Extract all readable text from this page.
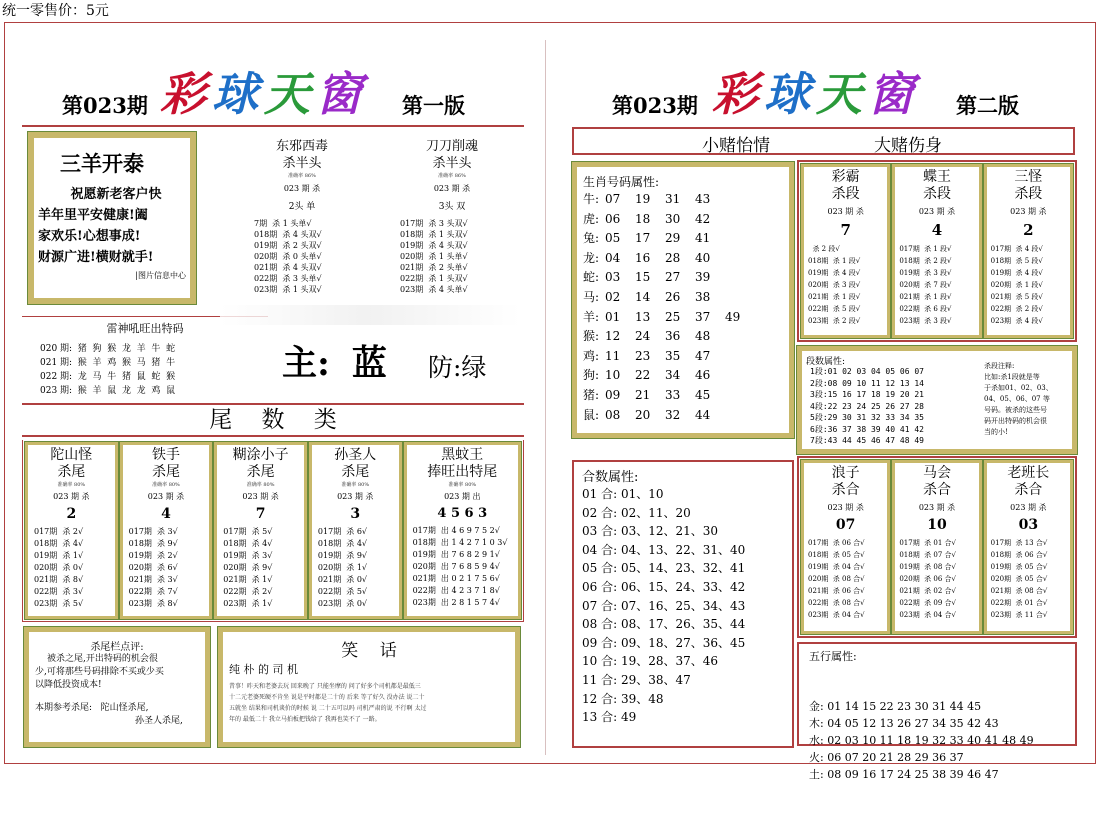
统一零售价：5元
第023期 彩球天窗 第一版
三羊开泰
祝愿新老客户快
羊年里平安健康!阖
家欢乐!心想事成!
财源广进!横财就手!
|图片信息中心
东邪西毒
杀半头
准确率 86%
023 期 杀
2头 单
7期  杀 1 头单√
018期  杀 4 头双√
019期  杀 2 头双√
020期  杀 0 头单√
021期  杀 4 头双√
022期  杀 3 头单√
023期  杀 1 头双√
刀刀削魂
杀半头
准确率 86%
023 期 杀
3头 双
017期  杀 3 头双√
018期  杀 1 头双√
019期  杀 4 头双√
020期  杀 1 头单√
021期  杀 2 头单√
022期  杀 1 头双√
023期  杀 4 头单√
雷神吼旺出特码
020 期:  猪  狗  猴  龙  羊  牛  蛇
021 期:  猴  羊  鸡  猴  马  猪  牛
022 期:  龙  马  牛  猪  鼠  蛇  猴
023 期:  猴  羊  鼠  龙  龙  鸡  鼠
主: 蓝 防:绿
尾    数    类
陀山怪
杀尾
准确率 80%
023 期 杀
2
017期  杀 2√
018期  杀 4√
019期  杀 1√
020期  杀 0√
021期  杀 8√
022期  杀 3√
023期  杀 5√
铁手
杀尾
准确率 80%
023 期 杀
4
017期  杀 3√
018期  杀 9√
019期  杀 2√
020期  杀 6√
021期  杀 3√
022期  杀 7√
023期  杀 8√
糊涂小子
杀尾
准确率 80%
023 期 杀
7
017期  杀 5√
018期  杀 4√
019期  杀 3√
020期  杀 9√
021期  杀 1√
022期  杀 2√
023期  杀 1√
孙圣人
杀尾
准确率 80%
023 期 杀
3
017期  杀 6√
018期  杀 4√
019期  杀 9√
020期  杀 1√
021期  杀 0√
022期  杀 5√
023期  杀 0√
黑蚊王
捧旺出特尾
准确率 80%
023 期 出
4 5 6 3
017期  出 4 6 9 7 5 2√
018期  出 1 4 2 7 1 0 3√
019期  出 7 6 8 2 9 1√
020期  出 7 6 8 5 9 4√
021期  出 0 2 1 7 5 6√
022期  出 4 2 3 7 1 8√
023期  出 2 8 1 5 7 4√
杀尾栏点评:
被杀之尾,开出特码的机会很
少,可将那些号码排除不买或少买
以降低投资成本!
本期参考杀尾:   陀山怪杀尾,
孙圣人杀尾,
笑    话
纯 朴 的 司 机
昔事！昨天和老婆去玩 回来晚了 只能坐摩的 问了好多个司机都是最低三
十二元老婆死硬不肯坐 说是平时都是二十的 后来 等了好久 没办法 说二十
五就坐 结果和司机谈价的时候 说 二十五可以吗 司机严肃的说 不行啊 太过
年的 最低二十 我立马拍板把钱给了 我再也笑不了 一路。
第023期 彩球天窗 第二版
小赌怡情	大赌伤身
生肖号码属性:
牛: 07	19	31	43
虎: 06	18	30	42
兔: 05	17	29	41
龙: 04	16	28	40
蛇: 03	15	27	39
马: 02	14	26	38
羊: 01	13	25	37	49
猴: 12	24	36	48
鸡: 11	23	35	47
狗: 10	22	34	46
猪: 09	21	33	45
鼠: 08	20	32	44
彩霸
杀段
023 期 杀
7
杀 2 段√
018期  杀 1 段√
019期  杀 4 段√
020期  杀 3 段√
021期  杀 1 段√
022期  杀 5 段√
023期  杀 2 段√
蝶王
杀段
023 期 杀
4
017期  杀 1 段√
018期  杀 2 段√
019期  杀 3 段√
020期  杀 7 段√
021期  杀 1 段√
022期  杀 6 段√
023期  杀 3 段√
三怪
杀段
023 期 杀
2
017期  杀 4 段√
018期  杀 5 段√
019期  杀 4 段√
020期  杀 1 段√
021期  杀 5 段√
022期  杀 2 段√
023期  杀 4 段√
段数属性:
1段:01 02 03 04 05 06 07
2段:08 09 10 11 12 13 14
3段:15 16 17 18 19 20 21
4段:22 23 24 25 26 27 28
5段:29 30 31 32 33 34 35
6段:36 37 38 39 40 41 42
7段:43 44 45 46 47 48 49
杀段注释:
比如:杀1段就是等
于杀如01、02、03、
04、05、06、07 等
号码。被杀的这些号
码开出特码的机会很
当的小!
合数属性:
01 合: 01、10
02 合: 02、11、20
03 合: 03、12、21、30
04 合: 04、13、22、31、40
05 合: 05、14、23、32、41
06 合: 06、15、24、33、42
07 合: 07、16、25、34、43
08 合: 08、17、26、35、44
09 合: 09、18、27、36、45
10 合: 19、28、37、46
11 合: 29、38、47
12 合: 39、48
13 合: 49
浪子
杀合
023 期 杀
07
017期  杀 06 合√
018期  杀 05 合√
019期  杀 04 合√
020期  杀 08 合√
021期  杀 06 合√
022期  杀 08 合√
023期  杀 04 合√
马会
杀合
023 期 杀
10
017期  杀 01 合√
018期  杀 07 合√
019期  杀 08 合√
020期  杀 06 合√
021期  杀 02 合√
022期  杀 09 合√
023期  杀 04 合√
老班长
杀合
023 期 杀
03
017期  杀 13 合√
018期  杀 06 合√
019期  杀 05 合√
020期  杀 05 合√
021期  杀 08 合√
022期  杀 01 合√
023期  杀 11 合√
五行属性:

金: 01 14 15 22 23 30 31 44 45
木: 04 05 12 13 26 27 34 35 42 43
水: 02 03 10 11 18 19 32 33 40 41 48 49
火: 06 07 20 21 28 29 36 37
土: 08 09 16 17 24 25 38 39 46 47
